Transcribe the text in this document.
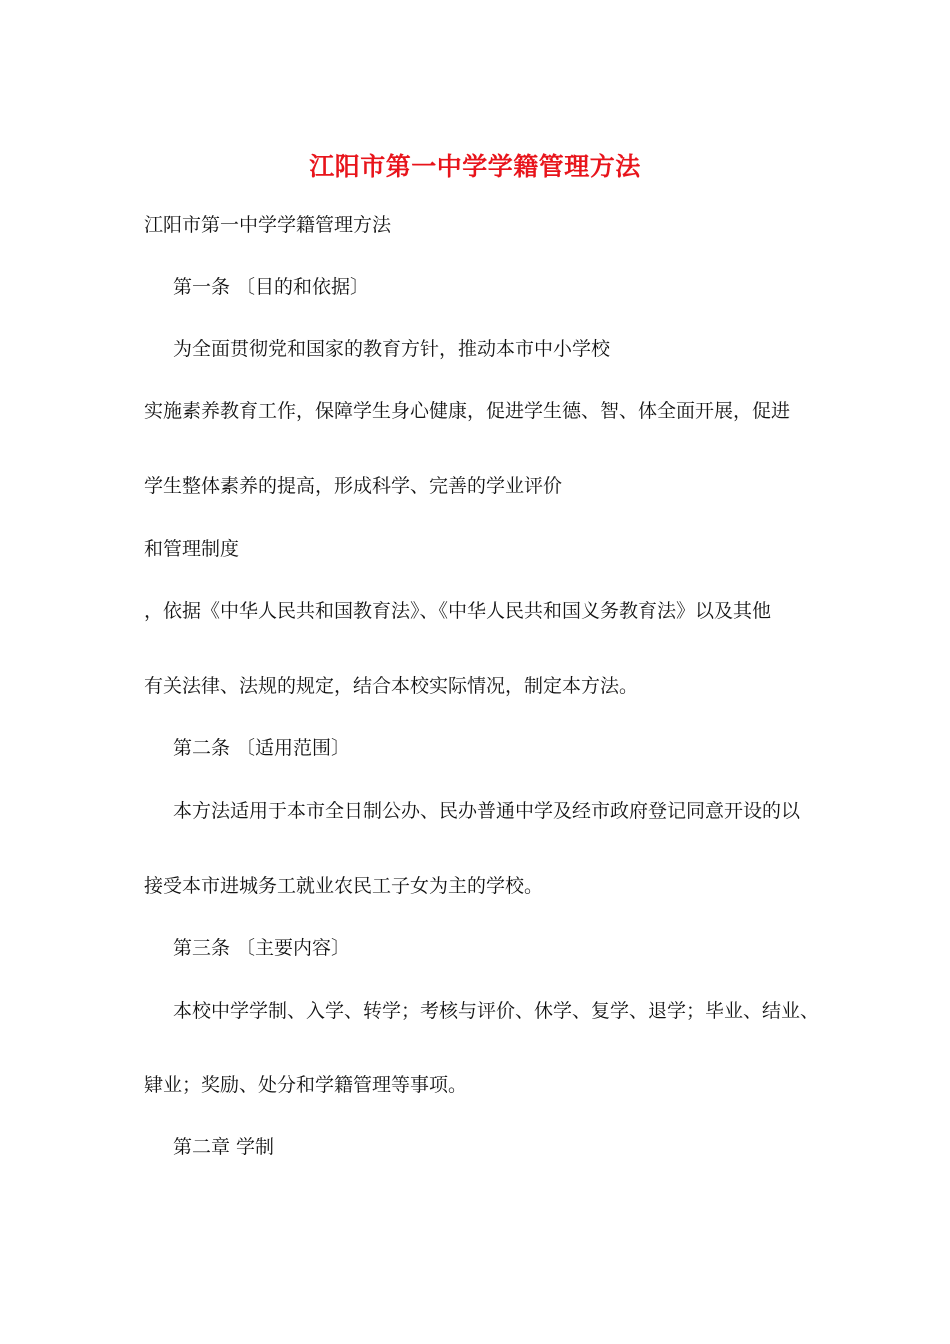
江阳市第一中学学籍管理方法
江阳市第一中学学籍管理方法
第一条 〔目的和依据〕
为全面贯彻党和国家的教育方针，推动本市中小学校
实施素养教育工作，保障学生身心健康，促进学生德、智、体全面开展，促进
学生整体素养的提高，形成科学、完善的学业评价
和管理制度
，依据《中华人民共和国教育法》、《中华人民共和国义务教育法》以及其他
有关法律、法规的规定，结合本校实际情况，制定本方法。
第二条 〔适用范围〕
本方法适用于本市全日制公办、民办普通中学及经市政府登记同意开设的以
接受本市进城务工就业农民工子女为主的学校。
第三条 〔主要内容〕
本校中学学制、入学、转学；考核与评价、休学、复学、退学；毕业、结业、
肄业；奖励、处分和学籍管理等事项。
第二章 学制
